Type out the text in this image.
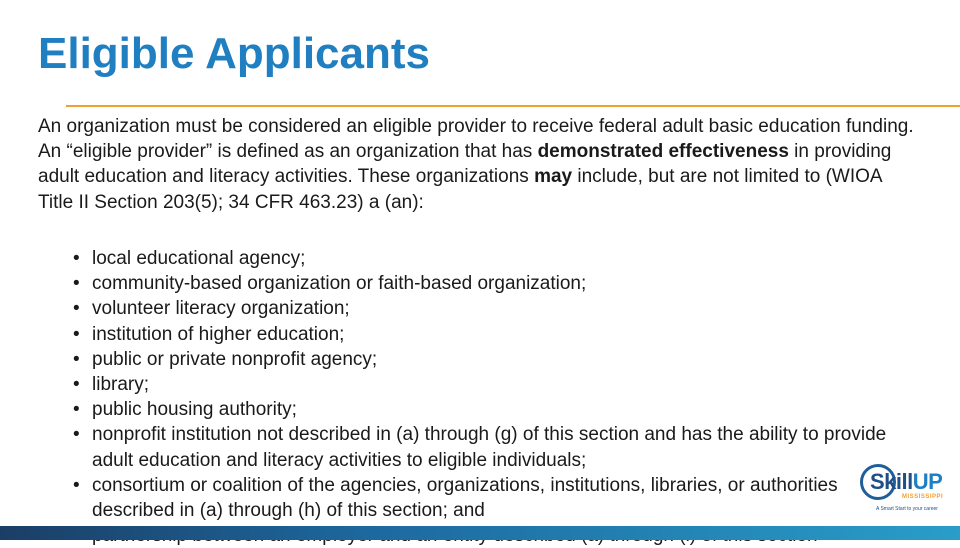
Eligible Applicants

An organization must be considered an eligible provider to receive federal adult basic education funding. An “eligible provider” is defined as an organization that has demonstrated effectiveness in providing adult education and literacy activities. These organizations may include, but are not limited to (WIOA Title II Section 203(5); 34 CFR 463.23) a (an):

• local educational agency;
• community-based organization or faith-based organization;
• volunteer literacy organization;
• institution of higher education;
• public or private nonprofit agency;
• library;
• public housing authority;
• nonprofit institution not described in (a) through (g) of this section and has the ability to provide adult education and literacy activities to eligible individuals;
• consortium or coalition of the agencies, organizations, institutions, libraries, or authorities described in (a) through (h) of this section; and
•
SkillUP
MISSISSIPPI
A Smart Start to your career
